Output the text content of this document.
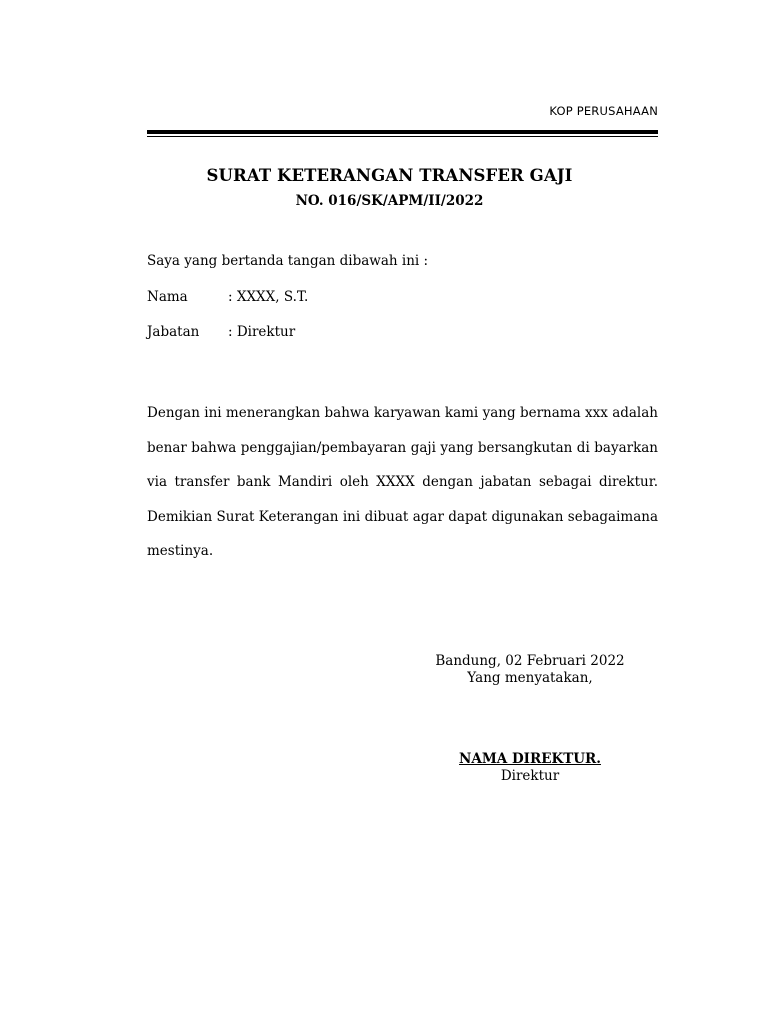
KOP PERUSAHAAN
SURAT KETERANGAN TRANSFER GAJI
NO. 016/SK/APM/II/2022
Saya yang bertanda tangan dibawah ini :
Nama	: XXXX, S.T.
Jabatan	: Direktur
Dengan ini menerangkan bahwa karyawan kami yang bernama xxx adalah benar bahwa penggajian/pembayaran gaji yang bersangkutan di bayarkan via transfer bank Mandiri oleh XXXX dengan jabatan sebagai direktur. Demikian Surat Keterangan ini dibuat agar dapat digunakan sebagaimana mestinya.
Bandung, 02 Februari 2022
Yang menyatakan,
NAMA DIREKTUR.
Direktur
